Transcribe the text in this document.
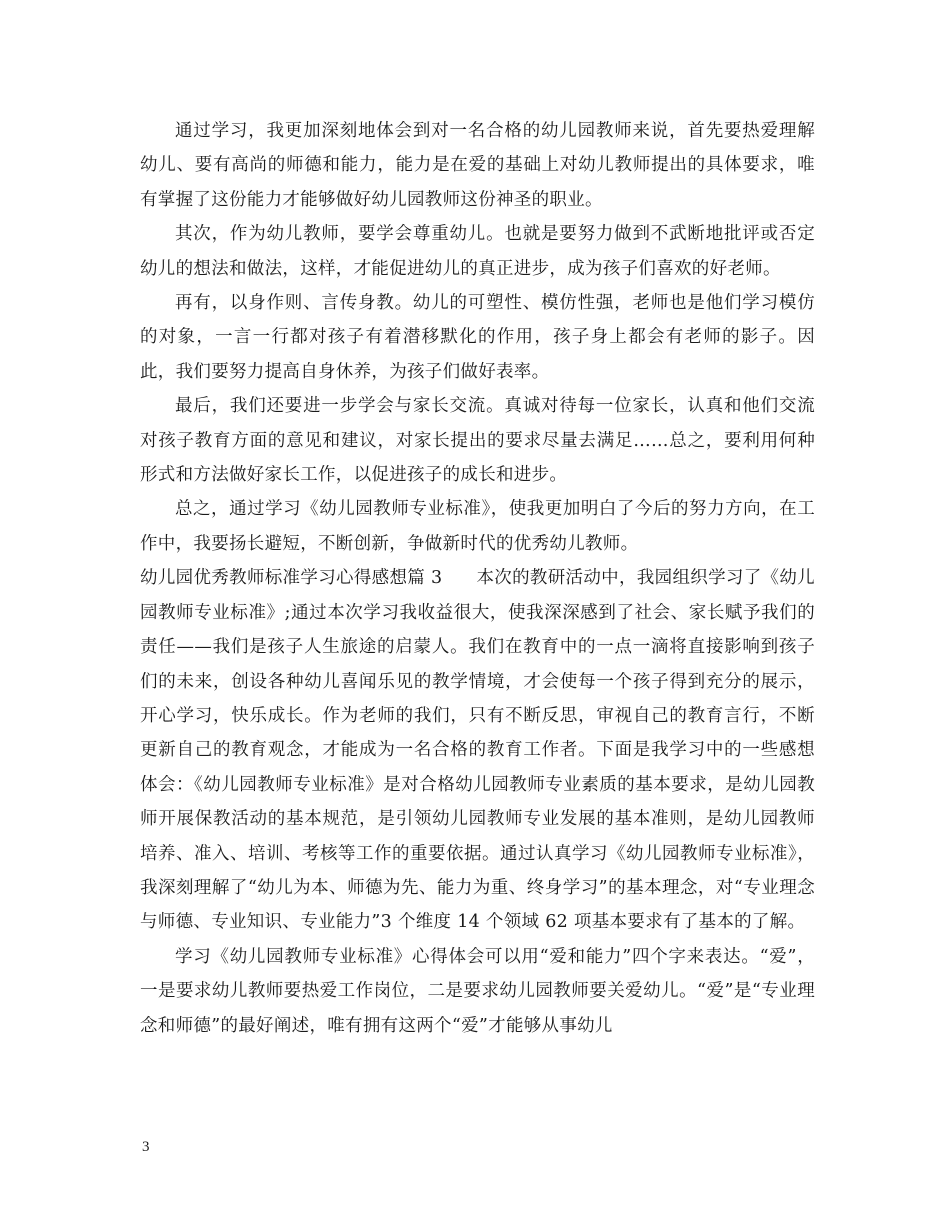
通过学习，我更加深刻地体会到对一名合格的幼儿园教师来说，首先要热爱理解幼儿、要有高尚的师德和能力，能力是在爱的基础上对幼儿教师提出的具体要求，唯有掌握了这份能力才能够做好幼儿园教师这份神圣的职业。

其次，作为幼儿教师，要学会尊重幼儿。也就是要努力做到不武断地批评或否定幼儿的想法和做法，这样，才能促进幼儿的真正进步，成为孩子们喜欢的好老师。

再有，以身作则、言传身教。幼儿的可塑性、模仿性强，老师也是他们学习模仿的对象，一言一行都对孩子有着潜移默化的作用，孩子身上都会有老师的影子。因此，我们要努力提高自身休养，为孩子们做好表率。

最后，我们还要进一步学会与家长交流。真诚对待每一位家长，认真和他们交流对孩子教育方面的意见和建议，对家长提出的要求尽量去满足……总之，要利用何种形式和方法做好家长工作，以促进孩子的成长和进步。

总之，通过学习《幼儿园教师专业标准》，使我更加明白了今后的努力方向，在工作中，我要扬长避短，不断创新，争做新时代的优秀幼儿教师。

幼儿园优秀教师标准学习心得感想篇 3 本次的教研活动中，我园组织学习了《幼儿园教师专业标准》;通过本次学习我收益很大，使我深深感到了社会、家长赋予我们的责任——我们是孩子人生旅途的启蒙人。我们在教育中的一点一滴将直接影响到孩子们的未来，创设各种幼儿喜闻乐见的教学情境，才会使每一个孩子得到充分的展示，开心学习，快乐成长。作为老师的我们，只有不断反思，审视自己的教育言行，不断更新自己的教育观念，才能成为一名合格的教育工作者。下面是我学习中的一些感想体会：《幼儿园教师专业标准》是对合格幼儿园教师专业素质的基本要求，是幼儿园教师开展保教活动的基本规范，是引领幼儿园教师专业发展的基本准则，是幼儿园教师培养、准入、培训、考核等工作的重要依据。通过认真学习《幼儿园教师专业标准》，我深刻理解了“幼儿为本、师德为先、能力为重、终身学习”的基本理念，对“专业理念与师德、专业知识、专业能力”3 个维度 14 个领域 62 项基本要求有了基本的了解。

学习《幼儿园教师专业标准》心得体会可以用“爱和能力”四个字来表达。“爱”，一是要求幼儿教师要热爱工作岗位，二是要求幼儿园教师要关爱幼儿。“爱”是“专业理念和师德”的最好阐述，唯有拥有这两个“爱”才能够从事幼儿

3
